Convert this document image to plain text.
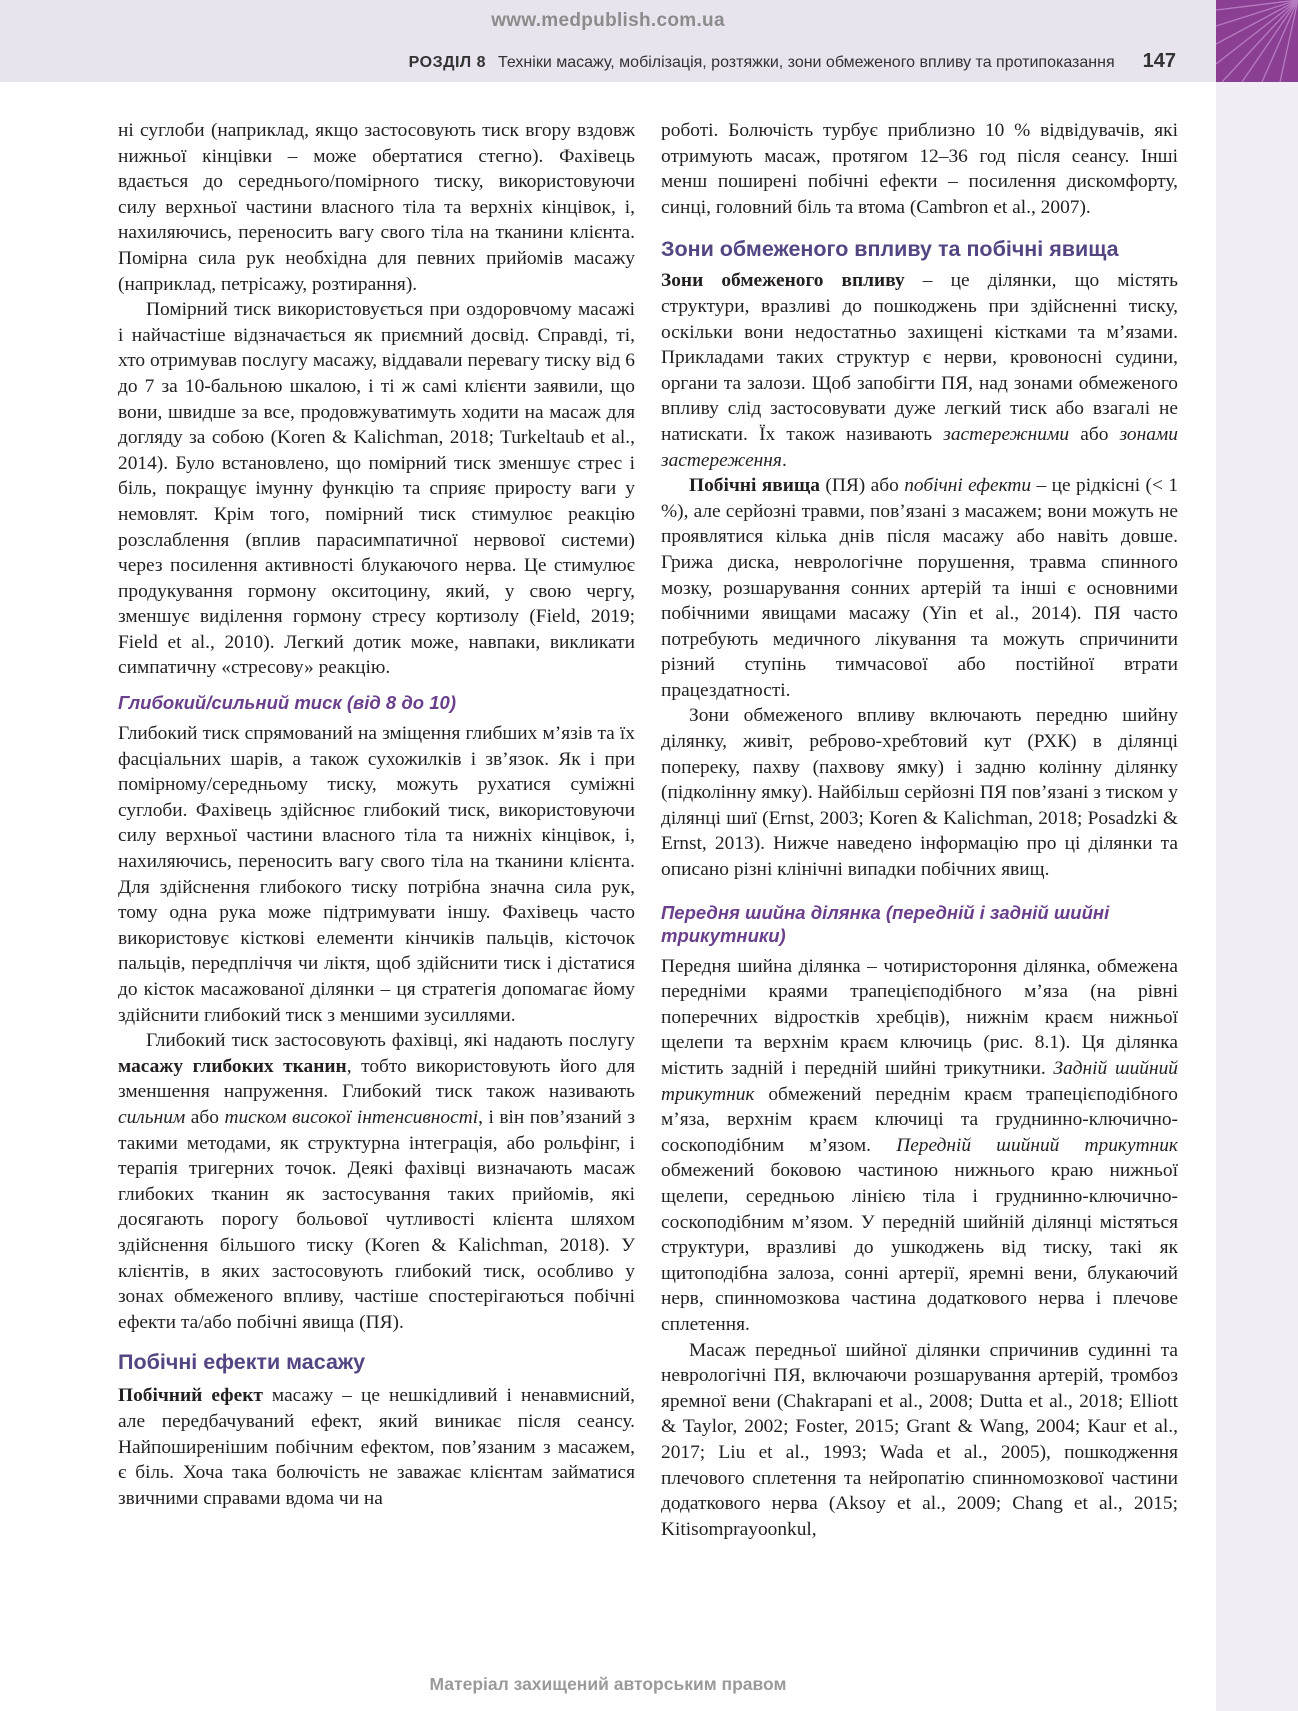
www.medpublish.com.ua
РОЗДІЛ 8 Техніки масажу, мобілізація, розтяжки, зони обмеженого впливу та протипоказання 147

ні суглоби (наприклад, якщо застосовують тиск вгору вздовж нижньої кінцівки – може обертатися стегно). Фахівець вдається до середнього/помірного тиску, використовуючи силу верхньої частини власного тіла та верхніх кінцівок, і, нахиляючись, переносить вагу свого тіла на тканини клієнта. Помірна сила рук необхідна для певних прийомів масажу (наприклад, петрісажу, розтирання).

Помірний тиск використовується при оздоровчому масажі і найчастіше відзначається як приємний досвід. Справді, ті, хто отримував послугу масажу, віддавали перевагу тиску від 6 до 7 за 10-бальною шкалою, і ті ж самі клієнти заявили, що вони, швидше за все, продовжуватимуть ходити на масаж для догляду за собою (Koren & Kalichman, 2018; Turkeltaub et al., 2014). Було встановлено, що помірний тиск зменшує стрес і біль, покращує імунну функцію та сприяє приросту ваги у немовлят. Крім того, помірний тиск стимулює реакцію розслаблення (вплив парасимпатичної нервової системи) через посилення активності блукаючого нерва. Це стимулює продукування гормону окситоцину, який, у свою чергу, зменшує виділення гормону стресу кортизолу (Field, 2019; Field et al., 2010). Легкий дотик може, навпаки, викликати симпатичну «стресову» реакцію.

Глибокий/сильний тиск (від 8 до 10)

Глибокий тиск спрямований на зміщення глибших м’язів та їх фасціальних шарів, а також сухожилків і зв’язок. Як і при помірному/середньому тиску, можуть рухатися суміжні суглоби. Фахівець здійснює глибокий тиск, використовуючи силу верхньої частини власного тіла та нижніх кінцівок, і, нахиляючись, переносить вагу свого тіла на тканини клієнта. Для здійснення глибокого тиску потрібна значна сила рук, тому одна рука може підтримувати іншу. Фахівець часто використовує кісткові елементи кінчиків пальців, кісточок пальців, передпліччя чи ліктя, щоб здійснити тиск і дістатися до кісток масажованої ділянки – ця стратегія допомагає йому здійснити глибокий тиск з меншими зусиллями.

Глибокий тиск застосовують фахівці, які надають послугу масажу глибоких тканин, тобто використовують його для зменшення напруження. Глибокий тиск також називають сильним або тиском високої інтенсивності, і він пов’язаний з такими методами, як структурна інтеграція, або рольфінг, і терапія тригерних точок. Деякі фахівці визначають масаж глибоких тканин як застосування таких прийомів, які досягають порогу больової чутливості клієнта шляхом здійснення більшого тиску (Koren & Kalichman, 2018). У клієнтів, в яких застосовують глибокий тиск, особливо у зонах обмеженого впливу, частіше спостерігаються побічні ефекти та/або побічні явища (ПЯ).

Побічні ефекти масажу

Побічний ефект масажу – це нешкідливий і ненавмисний, але передбачуваний ефект, який виникає після сеансу. Найпоширенішим побічним ефектом, пов’язаним з масажем, є біль. Хоча така болючість не заважає клієнтам займатися звичними справами вдома чи на

роботі. Болючість турбує приблизно 10 % відвідувачів, які отримують масаж, протягом 12–36 год після сеансу. Інші менш поширені побічні ефекти – посилення дискомфорту, синці, головний біль та втома (Cambron et al., 2007).

Зони обмеженого впливу та побічні явища

Зони обмеженого впливу – це ділянки, що містять структури, вразливі до пошкоджень при здійсненні тиску, оскільки вони недостатньо захищені кістками та м’язами. Прикладами таких структур є нерви, кровоносні судини, органи та залози. Щоб запобігти ПЯ, над зонами обмеженого впливу слід застосовувати дуже легкий тиск або взагалі не натискати. Їх також називають застережними або зонами застереження.

Побічні явища (ПЯ) або побічні ефекти – це рідкісні (< 1 %), але серйозні травми, пов’язані з масажем; вони можуть не проявлятися кілька днів після масажу або навіть довше. Грижа диска, неврологічне порушення, травма спинного мозку, розшарування сонних артерій та інші є основними побічними явищами масажу (Yin et al., 2014). ПЯ часто потребують медичного лікування та можуть спричинити різний ступінь тимчасової або постійної втрати працездатності.

Зони обмеженого впливу включають передню шийну ділянку, живіт, реброво-хребтовий кут (РХК) в ділянці попереку, пахву (пахвову ямку) і задню колінну ділянку (підколінну ямку). Найбільш серйозні ПЯ пов’язані з тиском у ділянці шиї (Ernst, 2003; Koren & Kalichman, 2018; Posadzki & Ernst, 2013). Нижче наведено інформацію про ці ділянки та описано різні клінічні випадки побічних явищ.

Передня шийна ділянка (передній і задній шийні трикутники)

Передня шийна ділянка – чотиристороння ділянка, обмежена передніми краями трапецієподібного м’яза (на рівні поперечних відростків хребців), нижнім краєм нижньої щелепи та верхнім краєм ключиць (рис. 8.1). Ця ділянка містить задній і передній шийні трикутники. Задній шийний трикутник обмежений переднім краєм трапецієподібного м’яза, верхнім краєм ключиці та груднинно-ключично-соскоподібним м’язом. Передній шийний трикутник обмежений боковою частиною нижнього краю нижньої щелепи, середньою лінією тіла і груднинно-ключично-соскоподібним м’язом. У передній шийній ділянці містяться структури, вразливі до ушкоджень від тиску, такі як щитоподібна залоза, сонні артерії, яремні вени, блукаючий нерв, спинномозкова частина додаткового нерва і плечове сплетення.

Масаж передньої шийної ділянки спричинив судинні та неврологічні ПЯ, включаючи розшарування артерій, тромбоз яремної вени (Chakrapani et al., 2008; Dutta et al., 2018; Elliott & Taylor, 2002; Foster, 2015; Grant & Wang, 2004; Kaur et al., 2017; Liu et al., 1993; Wada et al., 2005), пошкодження плечового сплетення та нейропатію спинномозкової частини додаткового нерва (Aksoy et al., 2009; Chang et al., 2015; Kitisomprayoonkul,

Матеріал захищений авторським правом
